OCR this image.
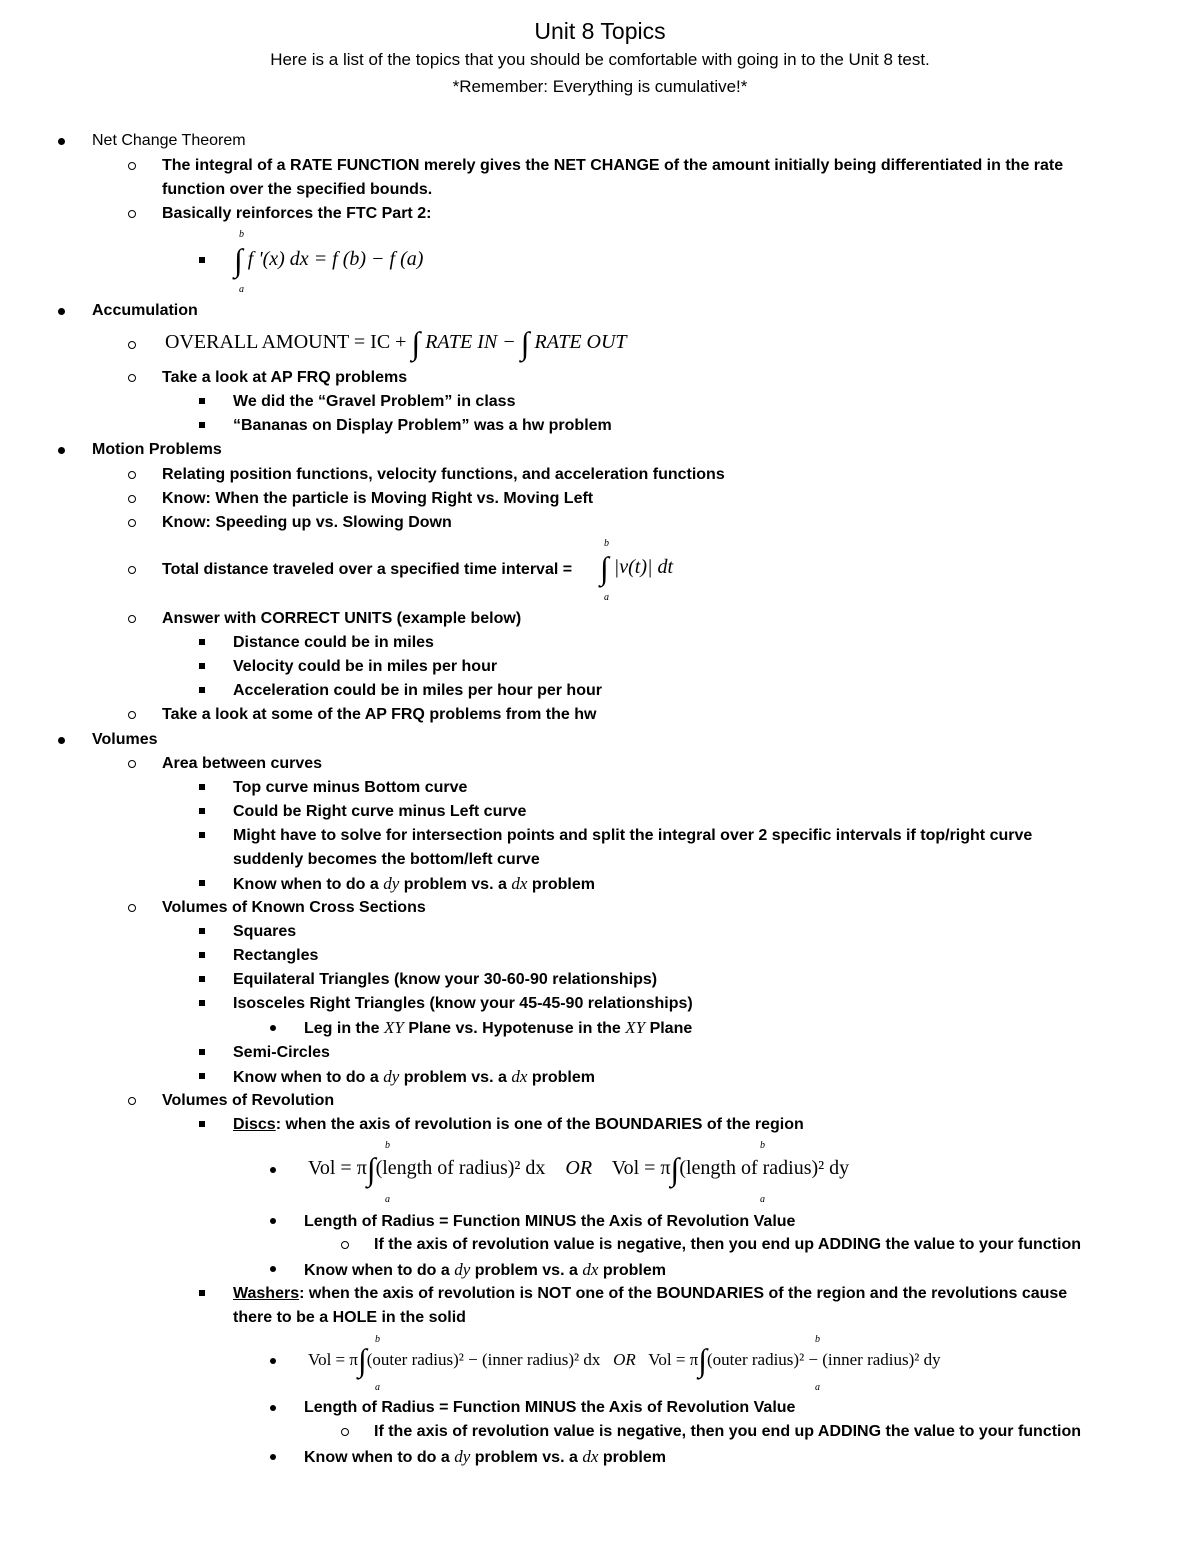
Unit 8 Topics
Here is a list of the topics that you should be comfortable with going in to the Unit 8 test.
*Remember: Everything is cumulative!*
Net Change Theorem
The integral of a RATE FUNCTION merely gives the NET CHANGE of the amount initially being differentiated in the rate
function over the specified bounds.
Basically reinforces the FTC Part 2:
b
∫ f '(x) dx = f (b) − f (a)
a
Accumulation
OVERALL AMOUNT = IC + ∫ RATE IN − ∫ RATE OUT
Take a look at AP FRQ problems
We did the “Gravel Problem” in class
“Bananas on Display Problem” was a hw problem
Motion Problems
Relating position functions, velocity functions, and acceleration functions
Know: When the particle is Moving Right vs. Moving Left
Know: Speeding up vs. Slowing Down
Total distance traveled over a specified time interval =
b
∫ |v(t)| dt
a
Answer with CORRECT UNITS (example below)
Distance could be in miles
Velocity could be in miles per hour
Acceleration could be in miles per hour per hour
Take a look at some of the AP FRQ problems from the hw
Volumes
Area between curves
Top curve minus Bottom curve
Could be Right curve minus Left curve
Might have to solve for intersection points and split the integral over 2 specific intervals if top/right curve
suddenly becomes the bottom/left curve
Know when to do a dy problem vs. a dx problem
Volumes of Known Cross Sections
Squares
Rectangles
Equilateral Triangles (know your 30-60-90 relationships)
Isosceles Right Triangles (know your 45-45-90 relationships)
Leg in the XY Plane vs. Hypotenuse in the XY Plane
Semi-Circles
Know when to do a dy problem vs. a dx problem
Volumes of Revolution
Discs: when the axis of revolution is one of the BOUNDARIES of the region
b
a
b
a
Vol = π∫(length of radius)² dx OR Vol = π∫(length of radius)² dy
Length of Radius = Function MINUS the Axis of Revolution Value
If the axis of revolution value is negative, then you end up ADDING the value to your function
Know when to do a dy problem vs. a dx problem
Washers: when the axis of revolution is NOT one of the BOUNDARIES of the region and the revolutions cause
there to be a HOLE in the solid
b
a
b
a
Vol = π∫(outer radius)² − (inner radius)² dx OR Vol = π∫(outer radius)² − (inner radius)² dy
Length of Radius = Function MINUS the Axis of Revolution Value
If the axis of revolution value is negative, then you end up ADDING the value to your function
Know when to do a dy problem vs. a dx problem
